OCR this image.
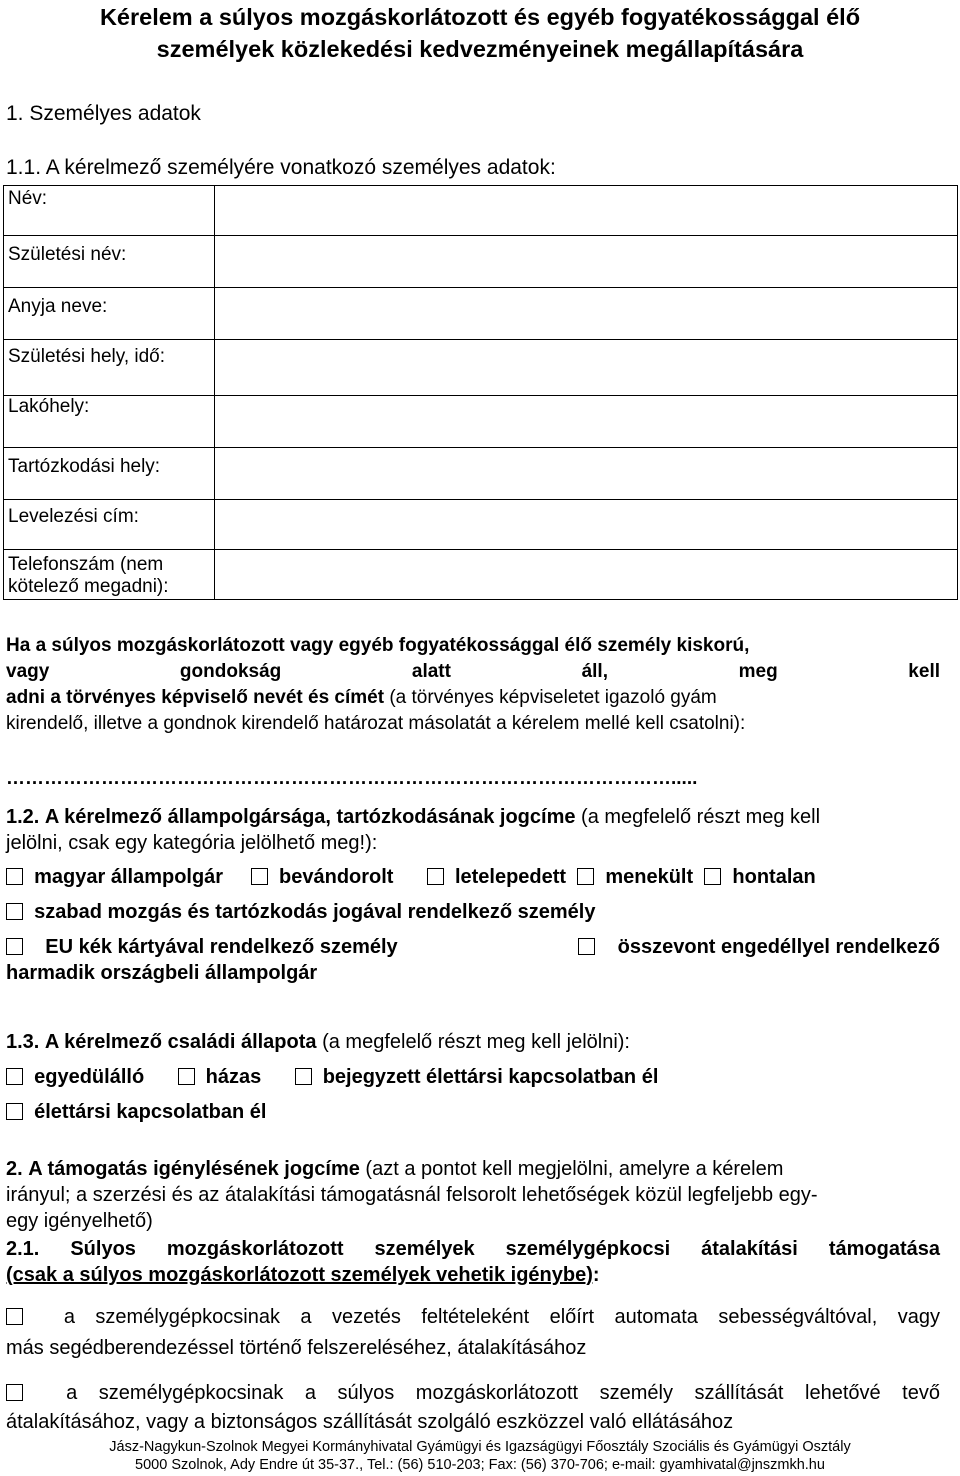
Kérelem a súlyos mozgáskorlátozott és egyéb fogyatékossággal élő
személyek közlekedési kedvezményeinek megállapítására
1. Személyes adatok
1.1. A kérelmező személyére vonatkozó személyes adatok:
Név:	

Születési név:	

Anyja neve:	

Születési hely, idő:	

Lakóhely:	

Tartózkodási hely:	

Levelezési cím:	

Telefonszám (nem kötelező megadni):	

Ha a súlyos mozgáskorlátozott vagy egyéb fogyatékossággal élő személy kiskorú,
vagy gondokság alatt áll, meg kell
adni a törvényes képviselő nevét és címét (a törvényes képviseletet igazoló gyám
kirendelő, illetve a gondnok kirendelő határozat másolatát a kérelem mellé kell csatolni):
…………………………………………………………………………………………….....
1.2. A kérelmező állampolgársága, tartózkodásának jogcíme (a megfelelő részt meg kell
jelölni, csak egy kategória jelölhető meg!):
magyar állampolgár	bevándorolt	letelepedett menekült hontalan
szabad mozgás és tartózkodás jogával rendelkező személy
EU kék kártyával rendelkező személy	összevont engedéllyel rendelkező
harmadik országbeli állampolgár
1.3. A kérelmező családi állapota (a megfelelő részt meg kell jelölni):
egyedülálló	házas	bejegyzett élettársi kapcsolatban él
élettársi kapcsolatban él
2. A támogatás igénylésének jogcíme (azt a pontot kell megjelölni, amelyre a kérelem
irányul; a szerzési és az átalakítási támogatásnál felsorolt lehetőségek közül legfeljebb egy-
egy igényelhető)
2.1. Súlyos mozgáskorlátozott személyek személygépkocsi átalakítási támogatása
(csak a súlyos mozgáskorlátozott személyek vehetik igénybe):
a személygépkocsinak a vezetés feltételeként előírt automata sebességváltóval, vagy
más segédberendezéssel történő felszereléséhez, átalakításához
a személygépkocsinak a súlyos mozgáskorlátozott személy szállítását lehetővé tevő
átalakításához, vagy a biztonságos szállítását szolgáló eszközzel való ellátásához
Jász-Nagykun-Szolnok Megyei Kormányhivatal Gyámügyi és Igazságügyi Főosztály Szociális és Gyámügyi Osztály
5000 Szolnok, Ady Endre út 35-37., Tel.: (56) 510-203; Fax: (56) 370-706; e-mail: gyamhivatal@jnszmkh.hu
